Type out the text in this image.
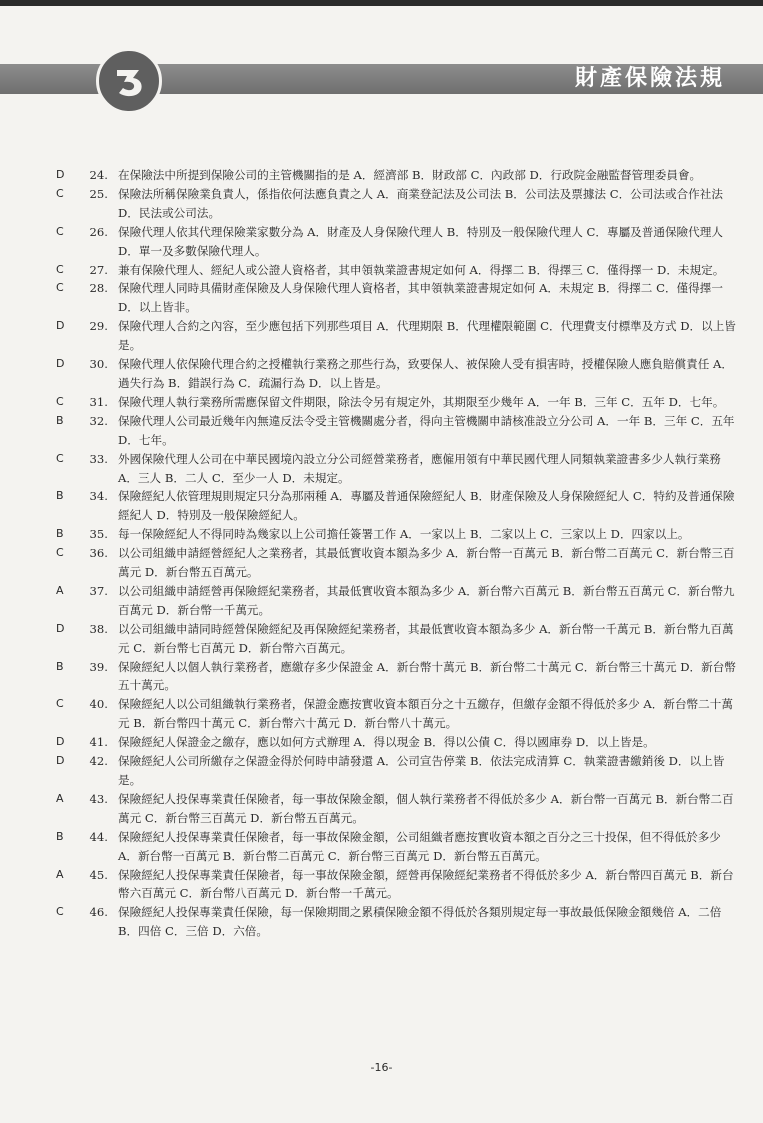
財產保險法規
D	24. 在保險法中所提到保險公司的主管機關指的是 A．經濟部 B．財政部 C．內政部 D．行政院金融監督管理委員會。
C	25. 保險法所稱保險業負責人，係指依何法應負責之人 A．商業登記法及公司法 B．公司法及票據法 C．公司法或合作社法 D．民法或公司法。
C	26. 保險代理人依其代理保險業家數分為 A．財產及人身保險代理人 B．特別及一般保險代理人 C．專屬及普通保險代理人 D．單一及多數保險代理人。
C	27. 兼有保險代理人、經紀人或公證人資格者，其申領執業證書規定如何 A．得擇二 B．得擇三 C．僅得擇一 D．未規定。
C	28. 保險代理人同時具備財產保險及人身保險代理人資格者，其申領執業證書規定如何 A．未規定 B．得擇二 C．僅得擇一 D．以上皆非。
D	29. 保險代理人合約之內容，至少應包括下列那些項目 A．代理期限 B．代理權限範圍 C．代理費支付標準及方式 D．以上皆是。
D	30. 保險代理人依保險代理合約之授權執行業務之那些行為，致要保人、被保險人受有損害時，授權保險人應負賠償責任 A．過失行為 B．錯誤行為 C．疏漏行為 D．以上皆是。
C	31. 保險代理人執行業務所需應保留文件期限，除法令另有規定外，其期限至少幾年 A．一年 B．三年 C．五年 D．七年。
B	32. 保險代理人公司最近幾年內無違反法令受主管機關處分者，得向主管機關申請核准設立分公司 A．一年 B．三年 C．五年 D．七年。
C	33. 外國保險代理人公司在中華民國境內設立分公司經營業務者，應僱用領有中華民國代理人同類執業證書多少人執行業務 A．三人 B．二人 C．至少一人 D．未規定。
B	34. 保險經紀人依管理規則規定只分為那兩種 A．專屬及普通保險經紀人 B．財產保險及人身保險經紀人 C．特約及普通保險經紀人 D．特別及一般保險經紀人。
B	35. 每一保險經紀人不得同時為幾家以上公司擔任簽署工作 A．一家以上 B．二家以上 C．三家以上 D．四家以上。
C	36. 以公司組織申請經營經紀人之業務者，其最低實收資本額為多少 A．新台幣一百萬元 B．新台幣二百萬元 C．新台幣三百萬元 D．新台幣五百萬元。
A	37. 以公司組織申請經營再保險經紀業務者，其最低實收資本額為多少 A．新台幣六百萬元 B．新台幣五百萬元 C．新台幣九百萬元 D．新台幣一千萬元。
D	38. 以公司組織申請同時經營保險經紀及再保險經紀業務者，其最低實收資本額為多少 A．新台幣一千萬元 B．新台幣九百萬元 C．新台幣七百萬元 D．新台幣六百萬元。
B	39. 保險經紀人以個人執行業務者，應繳存多少保證金 A．新台幣十萬元 B．新台幣二十萬元 C．新台幣三十萬元 D．新台幣五十萬元。
C	40. 保險經紀人以公司組織執行業務者，保證金應按實收資本額百分之十五繳存，但繳存金額不得低於多少 A．新台幣二十萬元 B．新台幣四十萬元 C．新台幣六十萬元 D．新台幣八十萬元。
D	41. 保險經紀人保證金之繳存，應以如何方式辦理 A．得以現金 B．得以公債 C．得以國庫券 D．以上皆是。
D	42. 保險經紀人公司所繳存之保證金得於何時申請發還 A．公司宣告停業 B．依法完成清算 C．執業證書繳銷後 D．以上皆是。
A	43. 保險經紀人投保專業責任保險者，每一事故保險金額，個人執行業務者不得低於多少 A．新台幣一百萬元 B．新台幣二百萬元 C．新台幣三百萬元 D．新台幣五百萬元。
B	44. 保險經紀人投保專業責任保險者，每一事故保險金額，公司組織者應按實收資本額之百分之三十投保，但不得低於多少 A．新台幣一百萬元 B．新台幣二百萬元 C．新台幣三百萬元 D．新台幣五百萬元。
A	45. 保險經紀人投保專業責任保險者，每一事故保險金額，經營再保險經紀業務者不得低於多少 A．新台幣四百萬元 B．新台幣六百萬元 C．新台幣八百萬元 D．新台幣一千萬元。
C	46. 保險經紀人投保專業責任保險，每一保險期間之累積保險金額不得低於各類別規定每一事故最低保險金額幾倍 A．二倍 B．四倍 C．三倍 D．六倍。
-16-
